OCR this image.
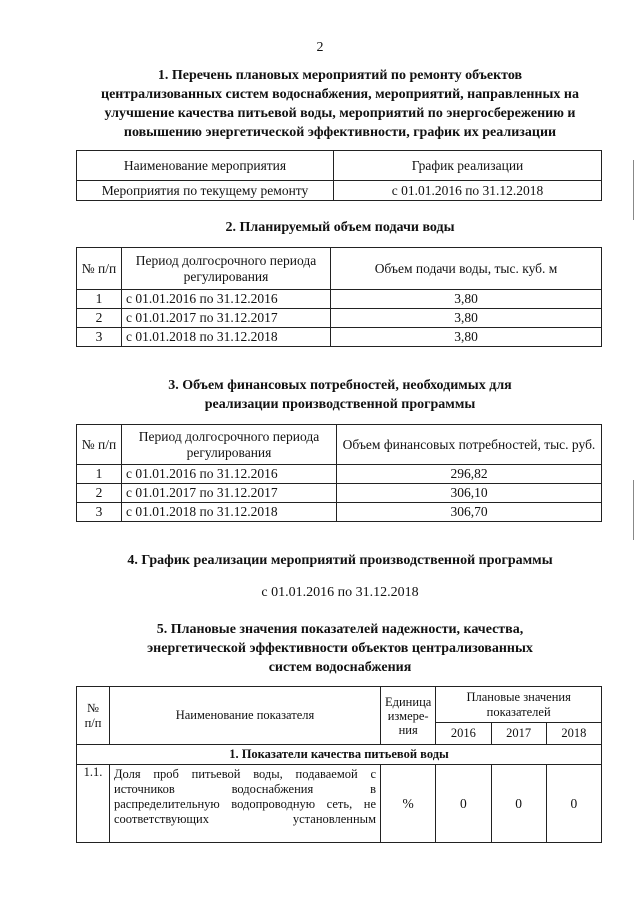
2
1. Перечень плановых мероприятий по ремонту объектов
централизованных систем водоснабжения, мероприятий, направленных на
улучшение качества питьевой воды, мероприятий по энергосбережению и
повышению энергетической эффективности, график их реализации
Наименование мероприятия	График реализации
Мероприятия по текущему ремонту	с 01.01.2016 по 31.12.2018
2. Планируемый объем подачи воды
№ п/п	Период долгосрочного периода регулирования	Объем подачи воды, тыс. куб. м
1	с 01.01.2016 по 31.12.2016	3,80
2	с 01.01.2017 по 31.12.2017	3,80
3	с 01.01.2018 по 31.12.2018	3,80
3. Объем финансовых потребностей, необходимых для
реализации производственной программы
№ п/п	Период долгосрочного периода регулирования	Объем финансовых потребностей, тыс. руб.
1	с 01.01.2016 по 31.12.2016	296,82
2	с 01.01.2017 по 31.12.2017	306,10
3	с 01.01.2018 по 31.12.2018	306,70
4. График реализации мероприятий производственной программы
с 01.01.2016 по 31.12.2018
5. Плановые значения показателей надежности, качества,
энергетической эффективности объектов централизованных
систем водоснабжения
№ п/п	Наименование показателя	Единица измере-ния	Плановые значения показателей		
			2016	2017	2018
1. Показатели качества питьевой воды					
1.1.	Доля проб питьевой воды, подаваемой с
источников водоснабжения в
распределительную водопроводную сеть, не
соответствующих установленным	%	0	0	0
